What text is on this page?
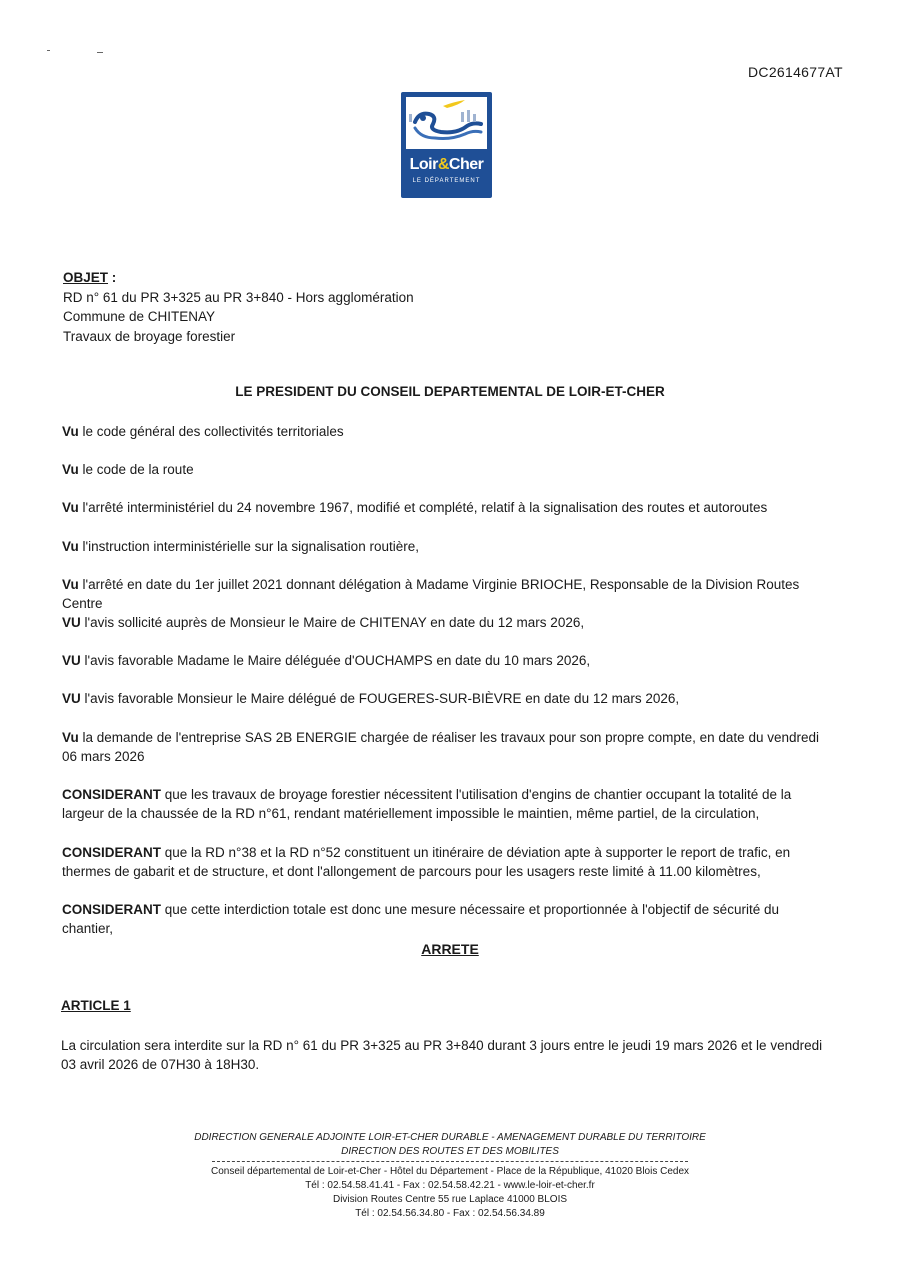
DC2614677AT
Loir&Cher
LE DÉPARTEMENT
OBJET :
RD n° 61 du PR 3+325 au PR 3+840 - Hors agglomération
Commune de CHITENAY
Travaux de broyage forestier
LE PRESIDENT DU CONSEIL DEPARTEMENTAL DE LOIR-ET-CHER
Vu le code général des collectivités territoriales
Vu le code de la route
Vu l'arrêté interministériel du 24 novembre 1967, modifié et complété, relatif à la signalisation des routes et autoroutes
Vu l'instruction interministérielle sur la signalisation routière,
Vu l'arrêté en date du 1er juillet 2021 donnant délégation à Madame Virginie BRIOCHE, Responsable de la Division Routes Centre
VU l'avis sollicité auprès de Monsieur le Maire de CHITENAY en date du 12 mars 2026,
VU l'avis favorable Madame le Maire déléguée d'OUCHAMPS en date du 10 mars 2026,
VU l'avis favorable Monsieur le Maire délégué de FOUGERES-SUR-BIÈVRE en date du 12 mars 2026,
Vu la demande de l'entreprise SAS 2B ENERGIE chargée de réaliser les travaux pour son propre compte, en date du vendredi 06 mars 2026
CONSIDERANT que les travaux de broyage forestier nécessitent l'utilisation d'engins de chantier occupant la totalité de la largeur de la chaussée de la RD n°61, rendant matériellement impossible le maintien, même partiel, de la circulation,
CONSIDERANT que la RD n°38 et la RD n°52 constituent un itinéraire de déviation apte à supporter le report de trafic, en thermes de gabarit et de structure, et dont l'allongement de parcours pour les usagers reste limité à 11.00 kilomètres,
CONSIDERANT que cette interdiction totale est donc une mesure nécessaire et proportionnée à l'objectif de sécurité du chantier,
ARRETE
ARTICLE 1
La circulation sera interdite sur la RD n° 61 du PR 3+325 au PR 3+840 durant 3 jours entre le jeudi 19 mars 2026 et le vendredi 03 avril 2026 de 07H30 à 18H30.
DDIRECTION GENERALE ADJOINTE LOIR-ET-CHER DURABLE - AMENAGEMENT DURABLE DU TERRITOIRE
DIRECTION DES ROUTES ET DES MOBILITES
Conseil départemental de Loir-et-Cher - Hôtel du Département - Place de la République, 41020 Blois Cedex
Tél : 02.54.58.41.41 - Fax : 02.54.58.42.21 - www.le-loir-et-cher.fr
Division Routes Centre 55 rue Laplace 41000 BLOIS
Tél : 02.54.56.34.80 - Fax : 02.54.56.34.89
